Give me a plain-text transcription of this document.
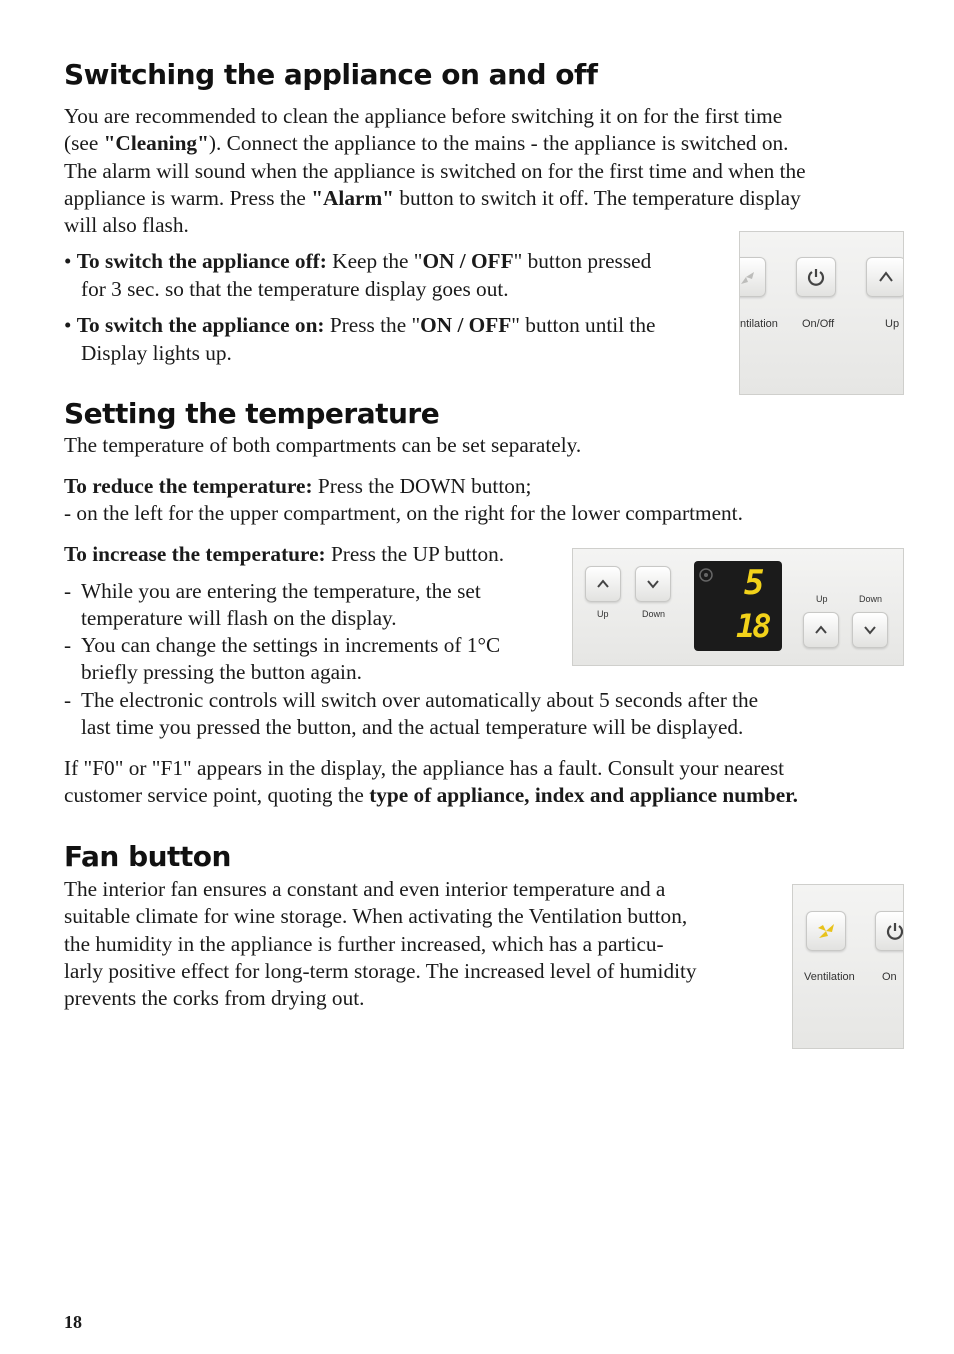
Switching the appliance on and off
You are recommended to clean the appliance before switching it on for the first time
(see "Cleaning"). Connect the appliance to the mains - the appliance is switched on.
The alarm will sound when the appliance is switched on for the first time and when the
appliance is warm. Press the "Alarm" button to switch it off. The temperature display
will also flash.
• To switch the appliance off: Keep the "ON / OFF" button pressed
for 3 sec. so that the temperature display goes out.
• To switch the appliance on: Press the "ON / OFF" button until the
Display lights up.
ntilation On/Off	Up
Setting the temperature
The temperature of both compartments can be set separately.
To reduce the temperature: Press the DOWN button;
- on the left for the upper compartment, on the right for the lower compartment.
To increase the temperature: Press the UP button.
- While you are entering the temperature, the set
temperature will flash on the display.
- You can change the settings in increments of 1°C
briefly pressing the button again.
- The electronic controls will switch over automatically about 5 seconds after the
last time you pressed the button, and the actual temperature will be displayed.
If "F0" or "F1" appears in the display, the appliance has a fault. Consult your nearest
customer service point, quoting the type of appliance, index and appliance number.
Up	Down
5
18
Up	Down
Fan button
The interior fan ensures a constant and even interior temperature and a
suitable climate for wine storage. When activating the Ventilation button,
the humidity in the appliance is further increased, which has a particu-
larly positive effect for long-term storage. The increased level of humidity
prevents the corks from drying out.
Ventilation On
18
